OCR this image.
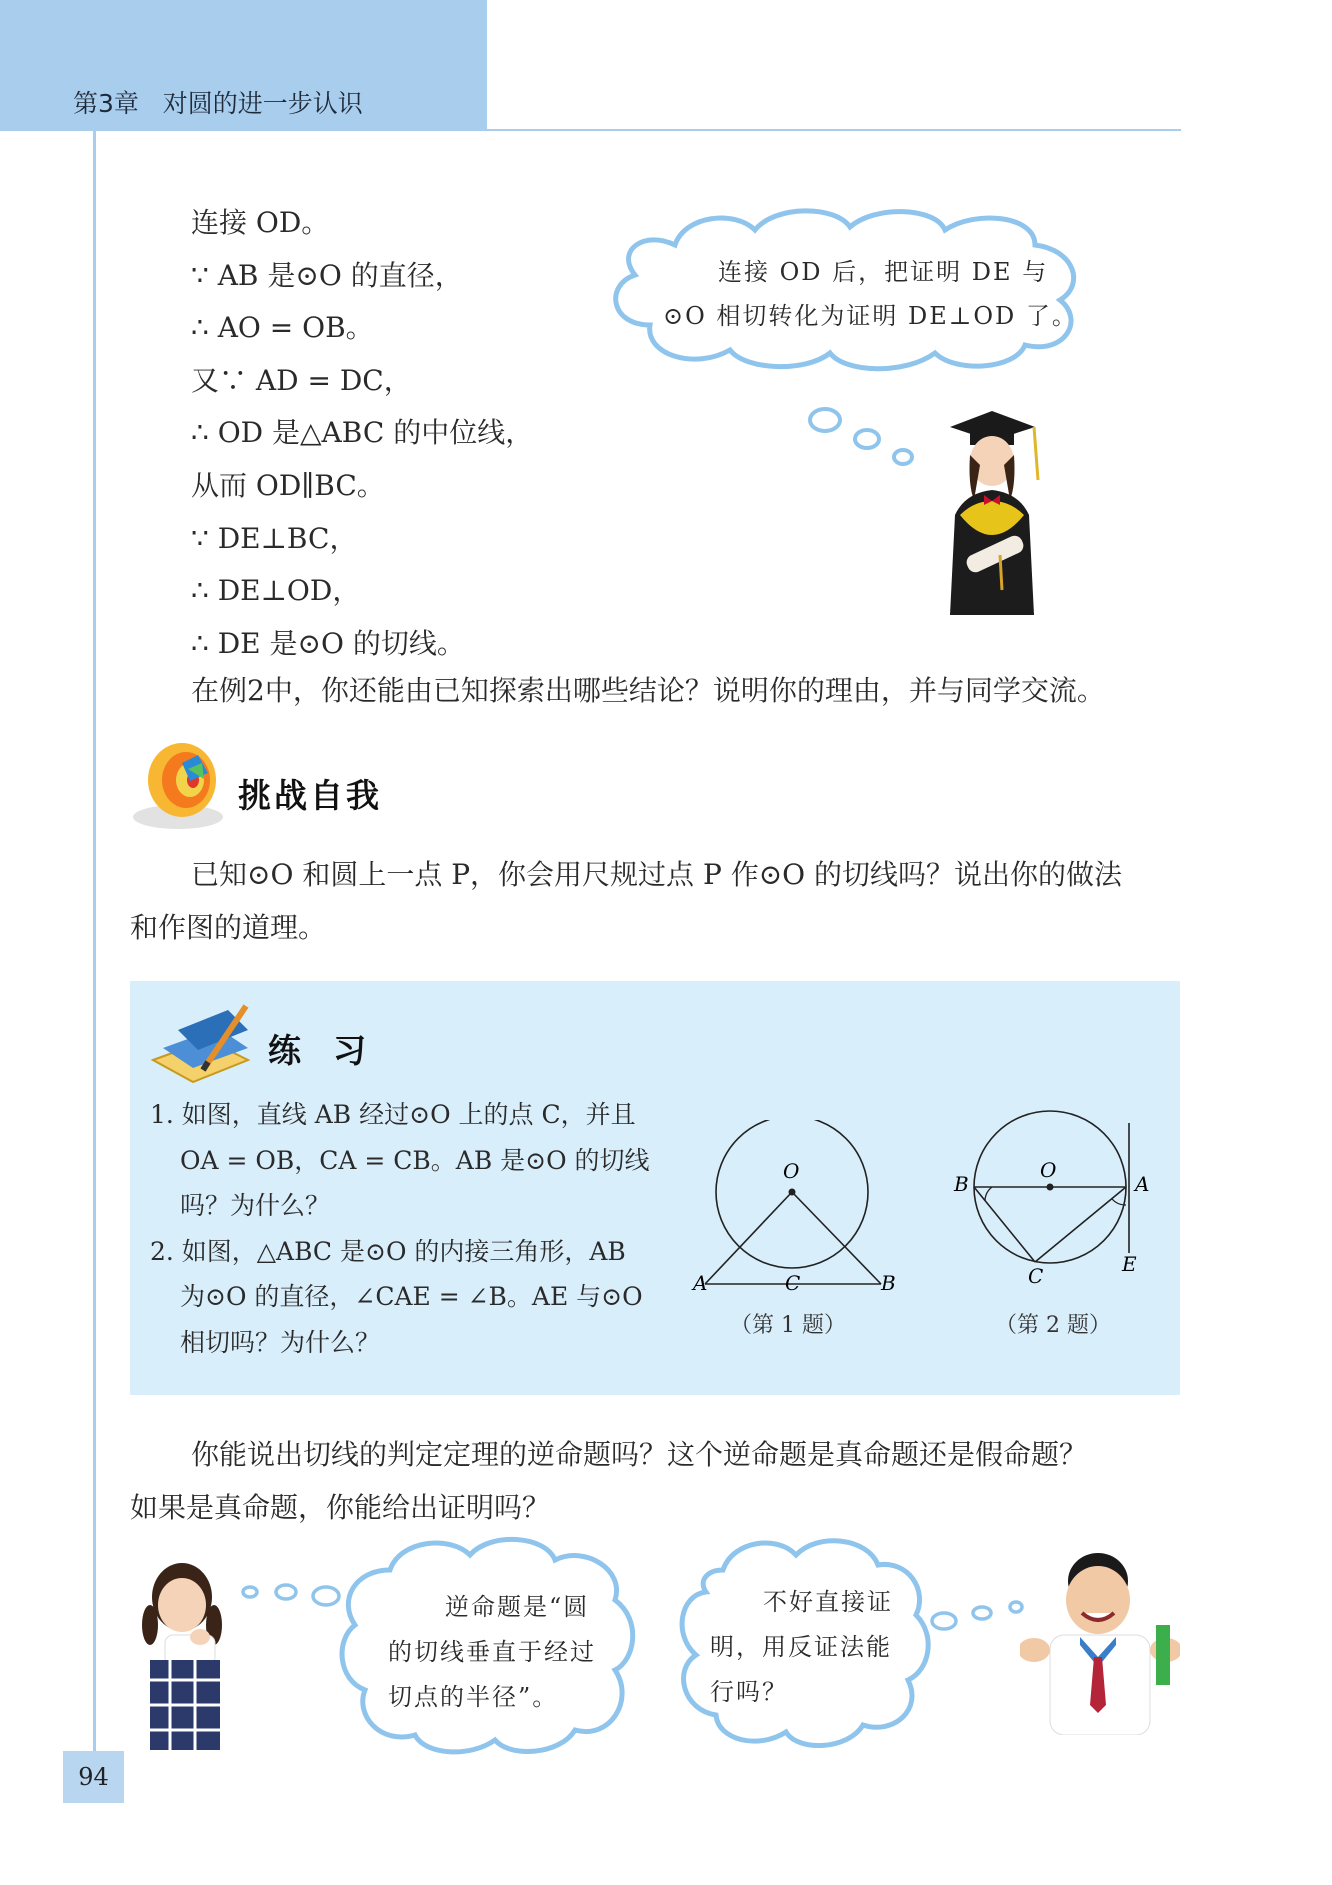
第3章 对圆的进一步认识
连接 OD。
∵ AB 是⊙O 的直径，
∴ AO = OB。
又∵ AD = DC，
∴ OD 是△ABC 的中位线，
从而 OD∥BC。
∵ DE⊥BC，
∴ DE⊥OD，
∴ DE 是⊙O 的切线。
连接 OD 后，把证明 DE 与
⊙O 相切转化为证明 DE⊥OD 了。
在例2中，你还能由已知探索出哪些结论？说明你的理由，并与同学交流。
挑战自我
已知⊙O 和圆上一点 P，你会用尺规过点 P 作⊙O 的切线吗？说出你的做法
和作图的道理。
练  习
1. 如图，直线 AB 经过⊙O 上的点 C，并且
OA = OB，CA = CB。AB 是⊙O 的切线
吗？为什么？
2. 如图，△ABC 是⊙O 的内接三角形，AB
为⊙O 的直径，∠CAE = ∠B。AE 与⊙O
相切吗？为什么？
O
A	C	B
（第 1 题）
O
B	A
C	E
（第 2 题）
你能说出切线的判定定理的逆命题吗？这个逆命题是真命题还是假命题？
如果是真命题，你能给出证明吗？
逆命题是“圆
的切线垂直于经过
切点的半径”。
不好直接证
明，用反证法能
行吗？
94
